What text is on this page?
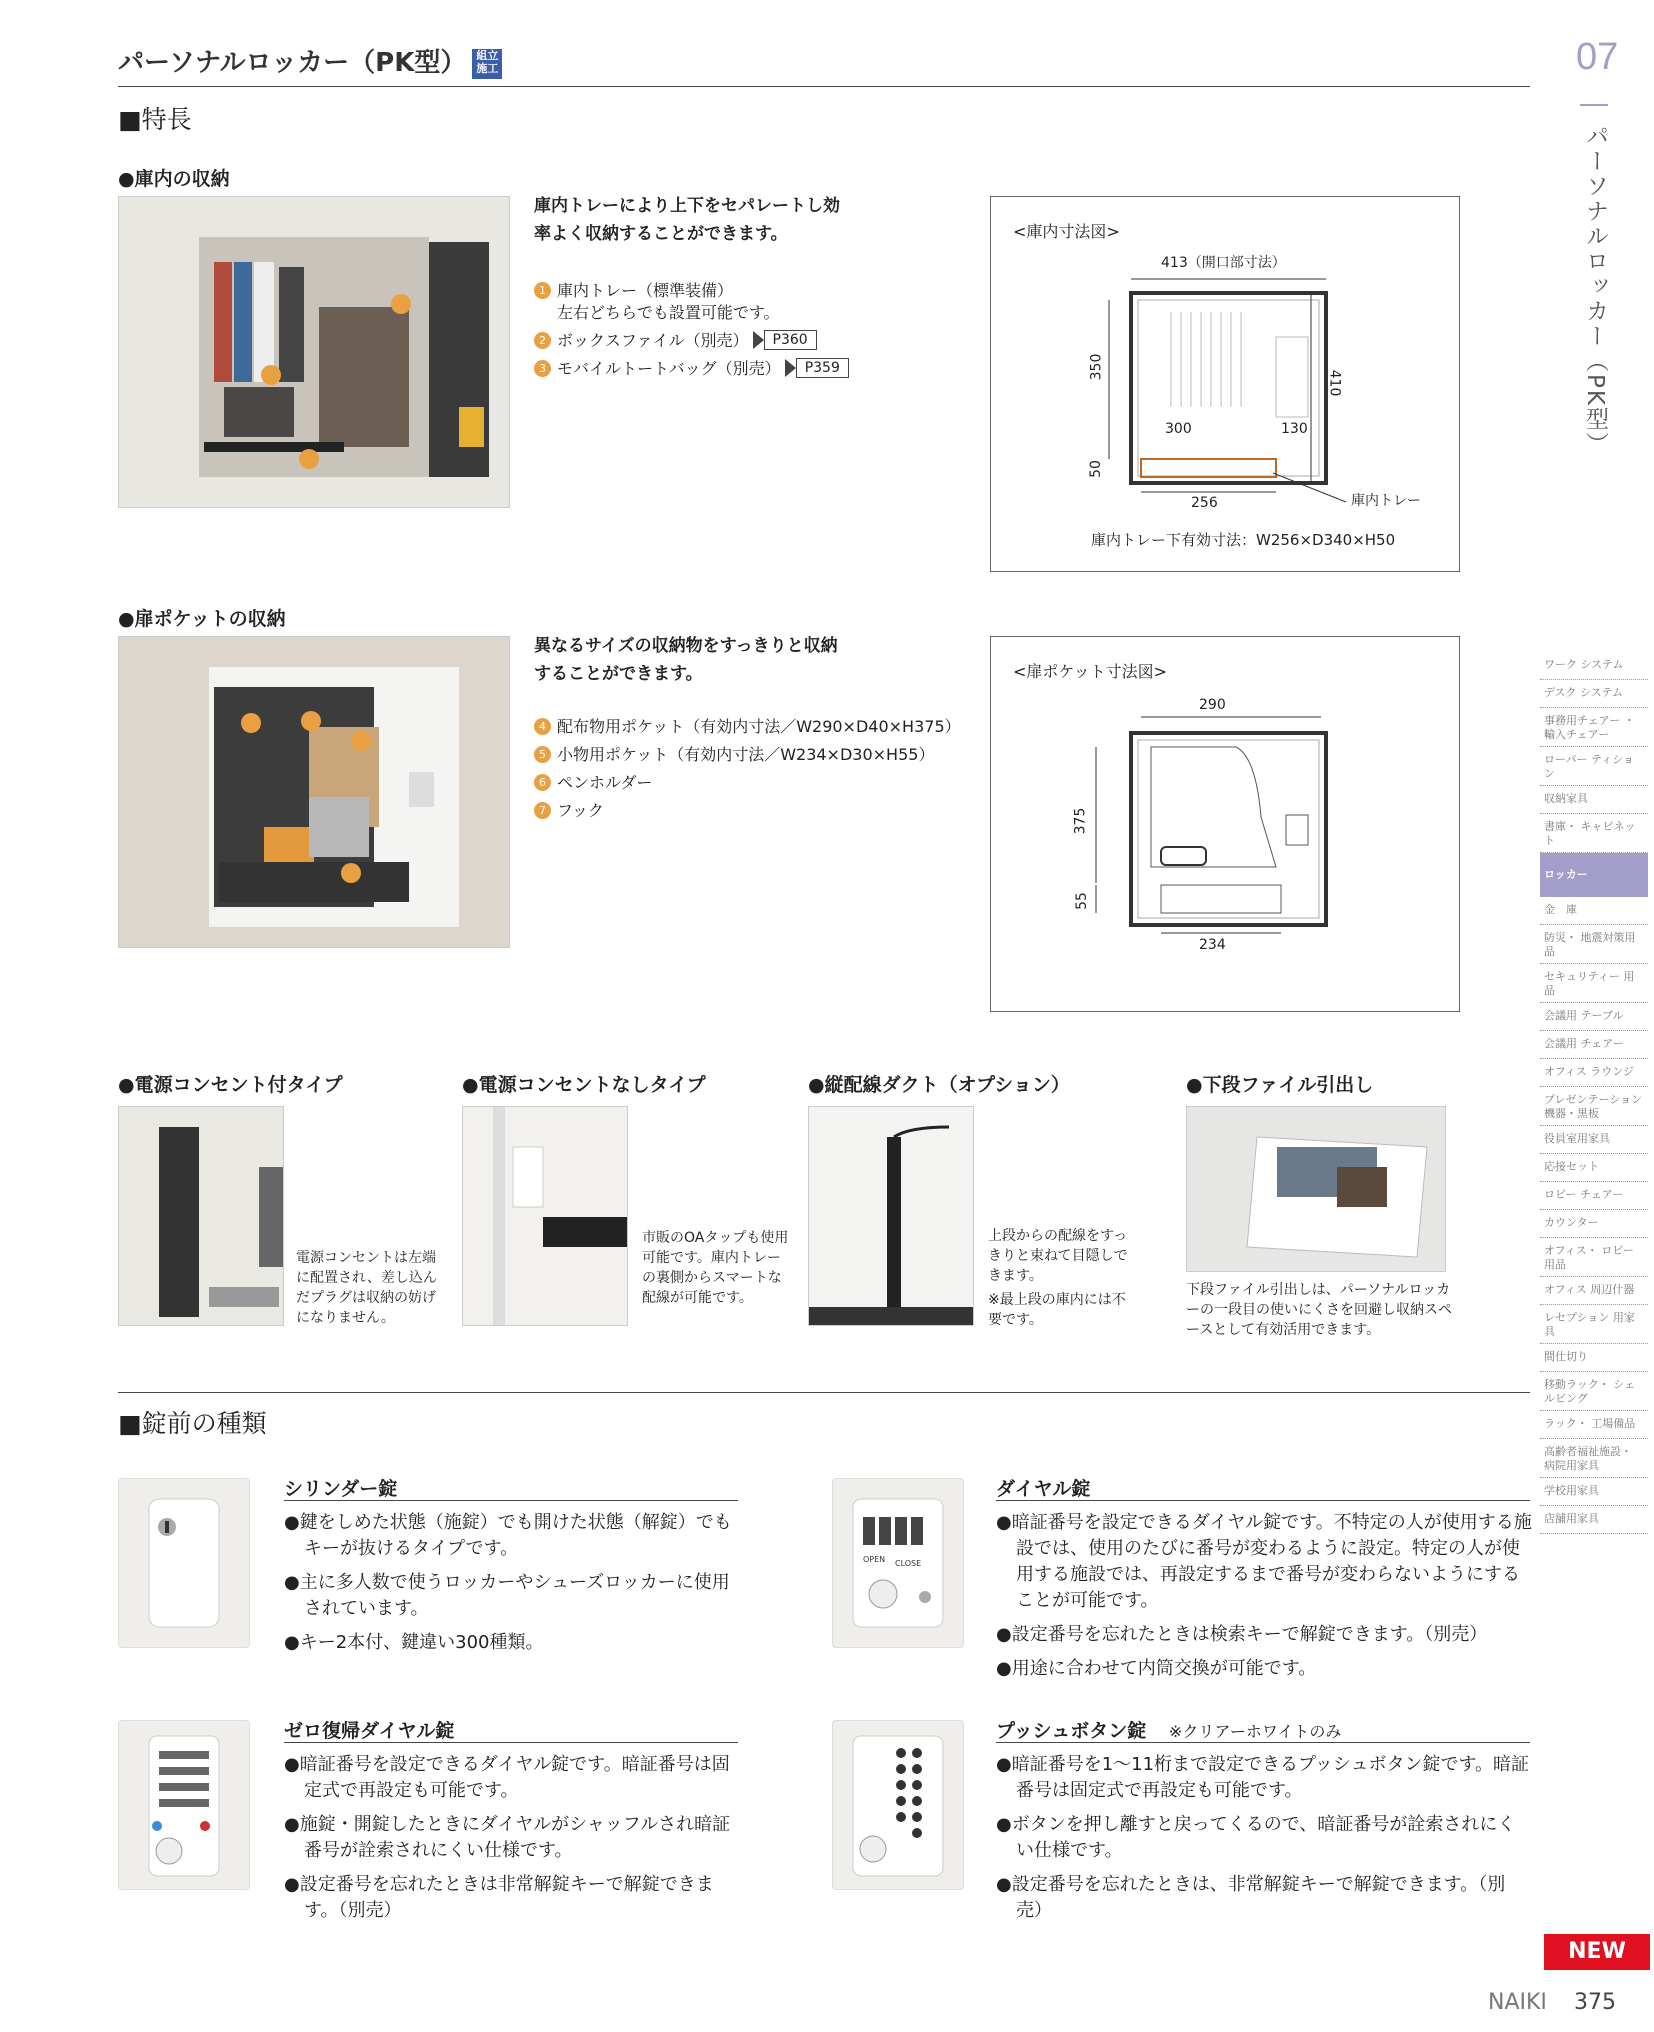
パーソナルロッカー（PK型） 組立施工	07
パーソナルロッカー（PK型）
■特長
●庫内の収納
庫内トレーにより上下をセパレートし効率よく収納することができます。
1 庫内トレー（標準装備）
左右どちらでも設置可能です。
2 ボックスファイル（別売）	P360
3 モバイルトートバッグ（別売）	P359
<庫内寸法図>
413（開口部寸法）
350
410
50
300	130
256	庫内トレー
庫内トレー下有効寸法：W256×D340×H50
●扉ポケットの収納
異なるサイズの収納物をすっきりと収納することができます。
4 配布物用ポケット（有効内寸法／W290×D40×H375）
5 小物用ポケット（有効内寸法／W234×D30×H55）
6 ペンホルダー
7 フック
<扉ポケット寸法図>
290
375
55
234
●電源コンセント付タイプ
電源コンセントは左端に配置され、差し込んだプラグは収納の妨げになりません。
●電源コンセントなしタイプ
市販のOAタップも使用可能です。庫内トレーの裏側からスマートな配線が可能です。
●縦配線ダクト（オプション）
上段からの配線をすっきりと束ねて目隠しできます。
※最上段の庫内には不要です。
●下段ファイル引出し
下段ファイル引出しは、パーソナルロッカーの一段目の使いにくさを回避し収納スペースとして有効活用できます。
■錠前の種類
シリンダー錠
●鍵をしめた状態（施錠）でも開けた状態（解錠）でもキーが抜けるタイプです。
●主に多人数で使うロッカーやシューズロッカーに使用されています。
●キー2本付、鍵違い300種類。
OPEN CLOSE
ダイヤル錠
●暗証番号を設定できるダイヤル錠です。不特定の人が使用する施設では、使用のたびに番号が変わるように設定。特定の人が使用する施設では、再設定するまで番号が変わらないようにすることが可能です。
●設定番号を忘れたときは検索キーで解錠できます。（別売）
●用途に合わせて内筒交換が可能です。
ゼロ復帰ダイヤル錠
●暗証番号を設定できるダイヤル錠です。暗証番号は固定式で再設定も可能です。
●施錠・開錠したときにダイヤルがシャッフルされ暗証番号が詮索されにくい仕様です。
●設定番号を忘れたときは非常解錠キーで解錠できます。（別売）
プッシュボタン錠 ※クリアーホワイトのみ
●暗証番号を1～11桁まで設定できるプッシュボタン錠です。暗証番号は固定式で再設定も可能です。
●ボタンを押し離すと戻ってくるので、暗証番号が詮索されにくい仕様です。
●設定番号を忘れたときは、非常解錠キーで解錠できます。（別売）
ワーク システム
デスク システム
事務用チェアー ・輸入チェアー
ローパー ティション
収納家具
書庫・ キャビネット
ロッカー
金　庫
防災・ 地震対策用品
セキュリティー 用品
会議用 テーブル
会議用 チェアー
オフィス ラウンジ
プレゼンテーション 機器・黒板
役員室用家具
応接セット
ロビー チェアー
カウンター
オフィス・ ロビー用品
オフィス 周辺什器
レセプション 用家具
間仕切り
移動ラック・ シェルビング
ラック・ 工場備品
高齢者福祉施設・ 病院用家具
学校用家具
店舗用家具
NEW
NAIKI 375
